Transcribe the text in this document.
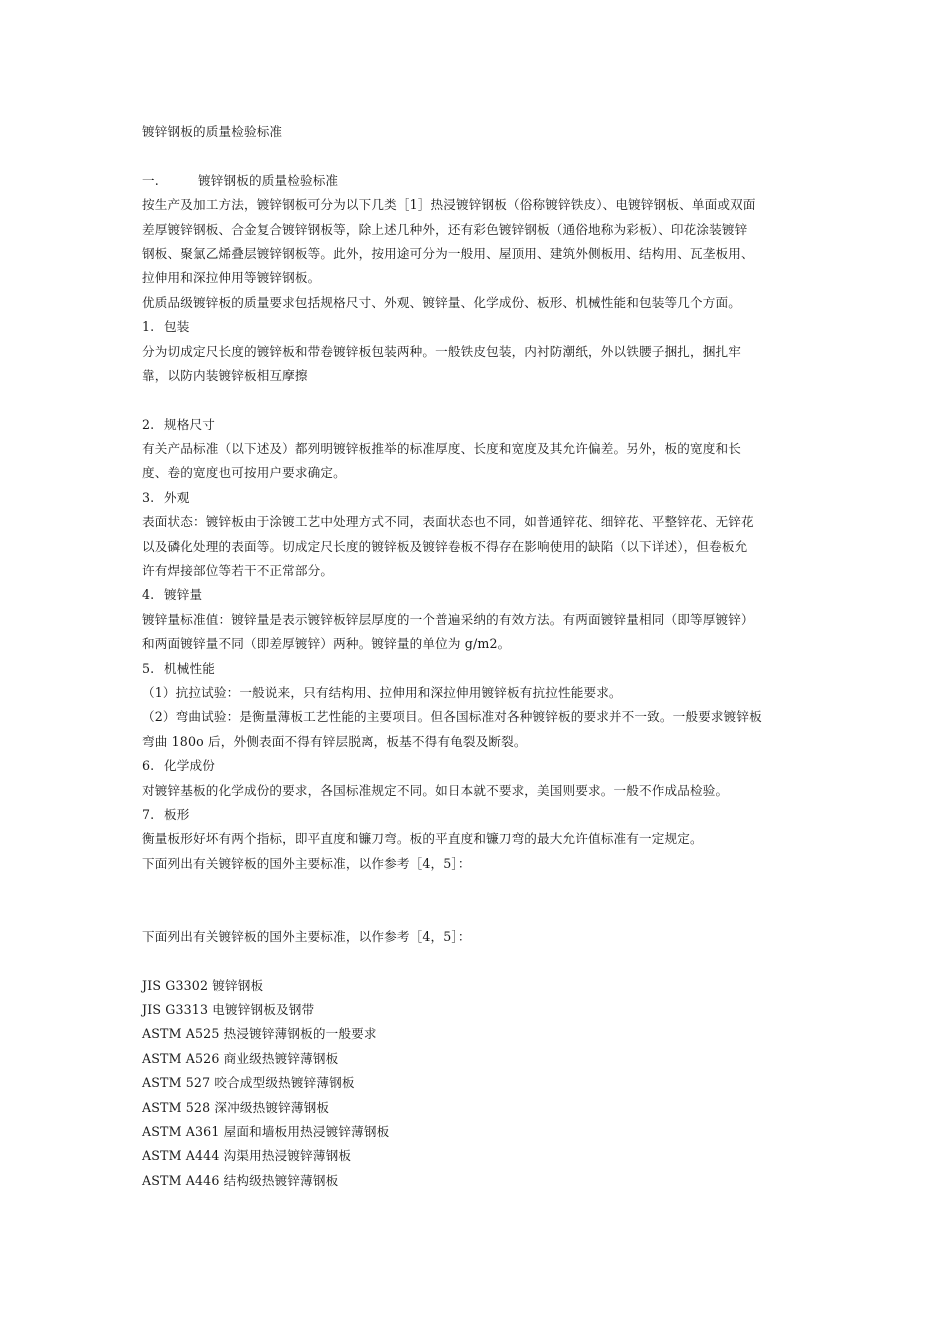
镀锌钢板的质量检验标准
一.	镀锌钢板的质量检验标准
按生产及加工方法，镀锌钢板可分为以下几类［1］热浸镀锌钢板（俗称镀锌铁皮）、电镀锌钢板、单面或双面
差厚镀锌钢板、合金复合镀锌钢板等，除上述几种外，还有彩色镀锌钢板（通俗地称为彩板）、印花涂装镀锌
钢板、聚氯乙烯叠层镀锌钢板等。此外，按用途可分为一般用、屋顶用、建筑外侧板用、结构用、瓦垄板用、
拉伸用和深拉伸用等镀锌钢板。
优质品级镀锌板的质量要求包括规格尺寸、外观、镀锌量、化学成份、板形、机械性能和包装等几个方面。
1. 包装
分为切成定尺长度的镀锌板和带卷镀锌板包装两种。一般铁皮包装，内衬防潮纸，外以铁腰子捆扎，捆扎牢
靠，以防内装镀锌板相互摩擦
2. 规格尺寸
有关产品标准（以下述及）都列明镀锌板推举的标准厚度、长度和宽度及其允许偏差。另外，板的宽度和长
度、卷的宽度也可按用户要求确定。
3. 外观
表面状态：镀锌板由于涂镀工艺中处理方式不同，表面状态也不同，如普通锌花、细锌花、平整锌花、无锌花
以及磷化处理的表面等。切成定尺长度的镀锌板及镀锌卷板不得存在影响使用的缺陷（以下详述），但卷板允
许有焊接部位等若干不正常部分。
4. 镀锌量
镀锌量标准值：镀锌量是表示镀锌板锌层厚度的一个普遍采纳的有效方法。有两面镀锌量相同（即等厚镀锌）
和两面镀锌量不同（即差厚镀锌）两种。镀锌量的单位为 g/m2。
5. 机械性能
（1）抗拉试验：一般说来，只有结构用、拉伸用和深拉伸用镀锌板有抗拉性能要求。
（2）弯曲试验：是衡量薄板工艺性能的主要项目。但各国标准对各种镀锌板的要求并不一致。一般要求镀锌板
弯曲 180o 后，外侧表面不得有锌层脱离，板基不得有龟裂及断裂。
6. 化学成份
对镀锌基板的化学成份的要求，各国标准规定不同。如日本就不要求，美国则要求。一般不作成品检验。
7. 板形
衡量板形好坏有两个指标，即平直度和镰刀弯。板的平直度和镰刀弯的最大允许值标准有一定规定。
下面列出有关镀锌板的国外主要标准，以作参考［4，5］：
下面列出有关镀锌板的国外主要标准，以作参考［4，5］：
JIS G3302 镀锌钢板
JIS G3313 电镀锌钢板及钢带
ASTM A525 热浸镀锌薄钢板的一般要求
ASTM A526 商业级热镀锌薄钢板
ASTM 527 咬合成型级热镀锌薄钢板
ASTM 528 深冲级热镀锌薄钢板
ASTM A361 屋面和墙板用热浸镀锌薄钢板
ASTM A444 沟渠用热浸镀锌薄钢板
ASTM A446 结构级热镀锌薄钢板
